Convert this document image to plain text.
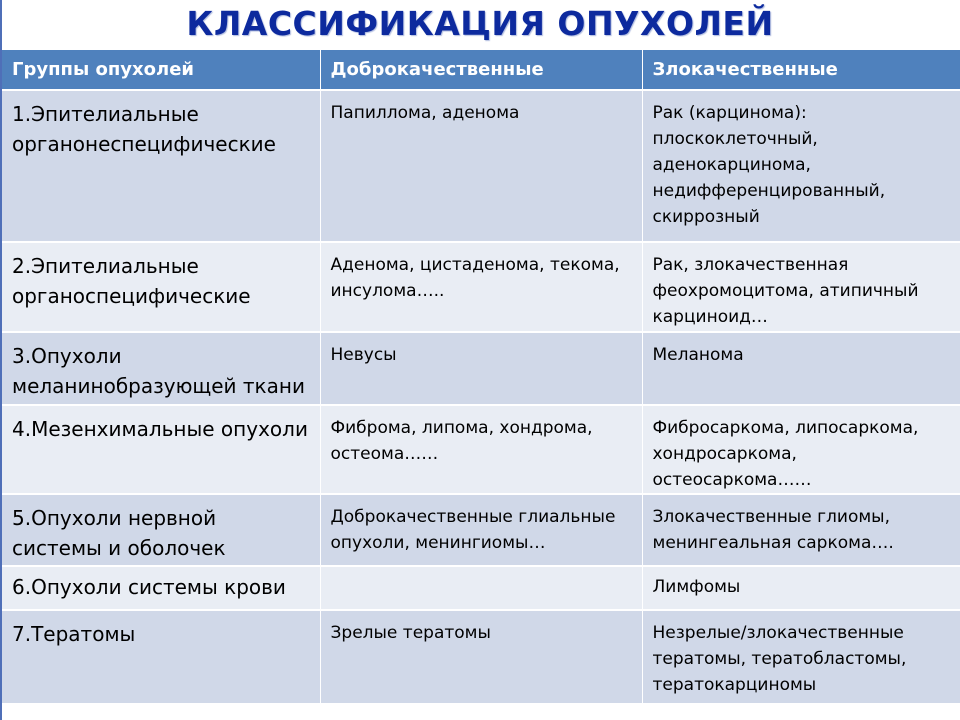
КЛАССИФИКАЦИЯ ОПУХОЛЕЙ
Группы опухолей	Доброкачественные	Злокачественные
1.Эпителиальные органонеспецифические	Папиллома, аденома	Рак (карцинома): плоскоклеточный, аденокарцинома, недифференцированный, скиррозный
2.Эпителиальные органоспецифические	Аденома, цистаденома, текома, инсулома…..	Рак, злокачественная феохромоцитома, атипичный карциноид…
3.Опухоли меланинобразующей ткани	Невусы	Меланома
4.Мезенхимальные опухоли	Фиброма, липома, хондрома, остеома……	Фибросаркома, липосаркома, хондросаркома, остеосаркома……
5.Опухоли нервной системы и оболочек	Доброкачественные глиальные опухоли, менингиомы…	Злокачественные глиомы, менингеальная саркома….
6.Опухоли системы крови		Лимфомы
7.Тератомы	Зрелые тератомы	Незрелые/злокачественные тератомы, тератобластомы, тератокарциномы
